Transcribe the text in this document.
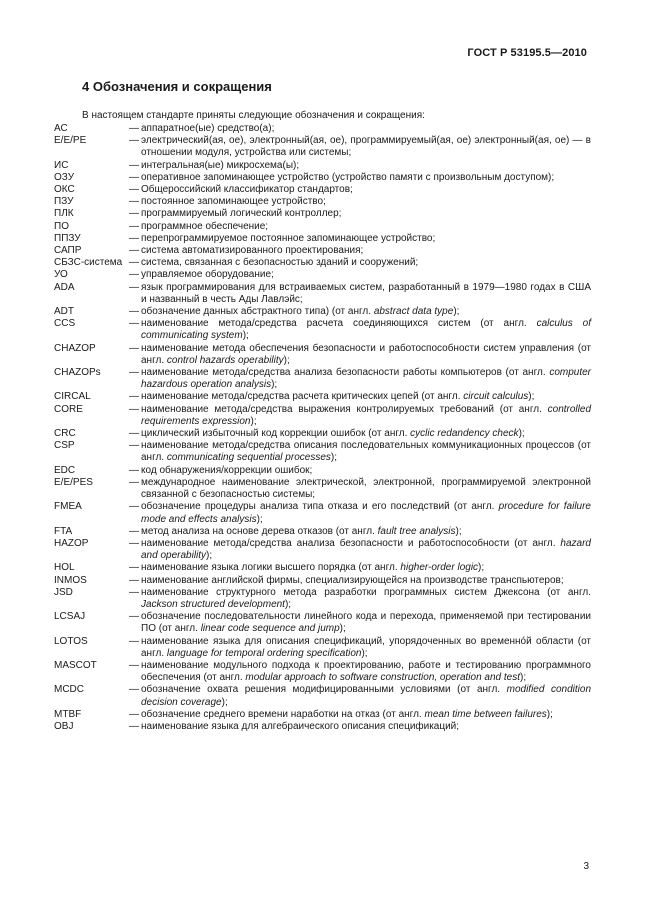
ГОСТ Р 53195.5—2010
4 Обозначения и сокращения

В настоящем стандарте приняты следующие обозначения и сокращения:

АС	— аппаратное(ые) средство(а);
Е/Е/РЕ	— электрический(ая, ое), электронный(ая, ое), программируемый(ая, ое) электронный(ая, ое) — в отношении модуля, устройства или системы;
ИС	— интегральная(ые) микросхема(ы);
ОЗУ	— оперативное запоминающее устройство (устройство памяти с произвольным доступом);
ОКС	— Общероссийский классификатор стандартов;
ПЗУ	— постоянное запоминающее устройство;
ПЛК	— программируемый логический контроллер;
ПО	— программное обеспечение;
ППЗУ	— перепрограммируемое постоянное запоминающее устройство;
САПР	— система автоматизированного проектирования;
СБЗС-система — система, связанная с безопасностью зданий и сооружений;
УО	— управляемое оборудование;
ADA	— язык программирования для встраиваемых систем, разработанный в 1979—1980 годах в США и названный в честь Ады Лавлэйс;
ADT	— обозначение данных абстрактного типа) (от англ. abstract data type);
CCS	— наименование метода/средства расчета соединяющихся систем (от англ. calculus of communicating system);
CHAZOP	— наименование метода обеспечения безопасности и работоспособности систем управления (от англ. control hazards operability);
CHAZOPs	— наименование метода/средства анализа безопасности работы компьютеров (от англ. computer hazardous operation analysis);
CIRCAL	— наименование метода/средства расчета критических цепей (от англ. circuit calculus);
CORE	— наименование метода/средства выражения контролируемых требований (от англ. controlled requirements expression);
CRC	— циклический избыточный код коррекции ошибок (от англ. cyclic redandency check);
CSP	— наименование метода/средства описания последовательных коммуникационных процессов (от англ. communicating sequential processes);
EDC	— код обнаружения/коррекции ошибок;
E/E/PES	— международное наименование электрической, электронной, программируемой электронной связанной с безопасностью системы;
FMEA	— обозначение процедуры анализа типа отказа и его последствий (от англ. procedure for failure mode and effects analysis);
FTA	— метод анализа на основе дерева отказов (от англ. fault tree analysis);
HAZOP	— наименование метода/средства анализа безопасности и работоспособности (от англ. hazard and operability);
HOL	— наименование языка логики высшего порядка (от англ. higher-order logic);
INMOS	— наименование английской фирмы, специализирующейся на производстве транспьютеров;
JSD	— наименование структурного метода разработки программных систем Джексона (от англ. Jackson structured development);
LCSAJ	— обозначение последовательности линейного кода и перехода, применяемой при тестировании ПО (от англ. linear code sequence and jump);
LOTOS	— наименование языка для описания спецификаций, упорядоченных во временнóй области (от англ. language for temporal ordering specification);
MASCOT	— наименование модульного подхода к проектированию, работе и тестированию программного обеспечения (от англ. modular approach to software construction, operation and test);
MCDC	— обозначение охвата решения модифицированными условиями (от англ. modified condition decision coverage);
MTBF	— обозначение среднего времени наработки на отказ (от англ. mean time between failures);
OBJ	— наименование языка для алгебраического описания спецификаций;
3
